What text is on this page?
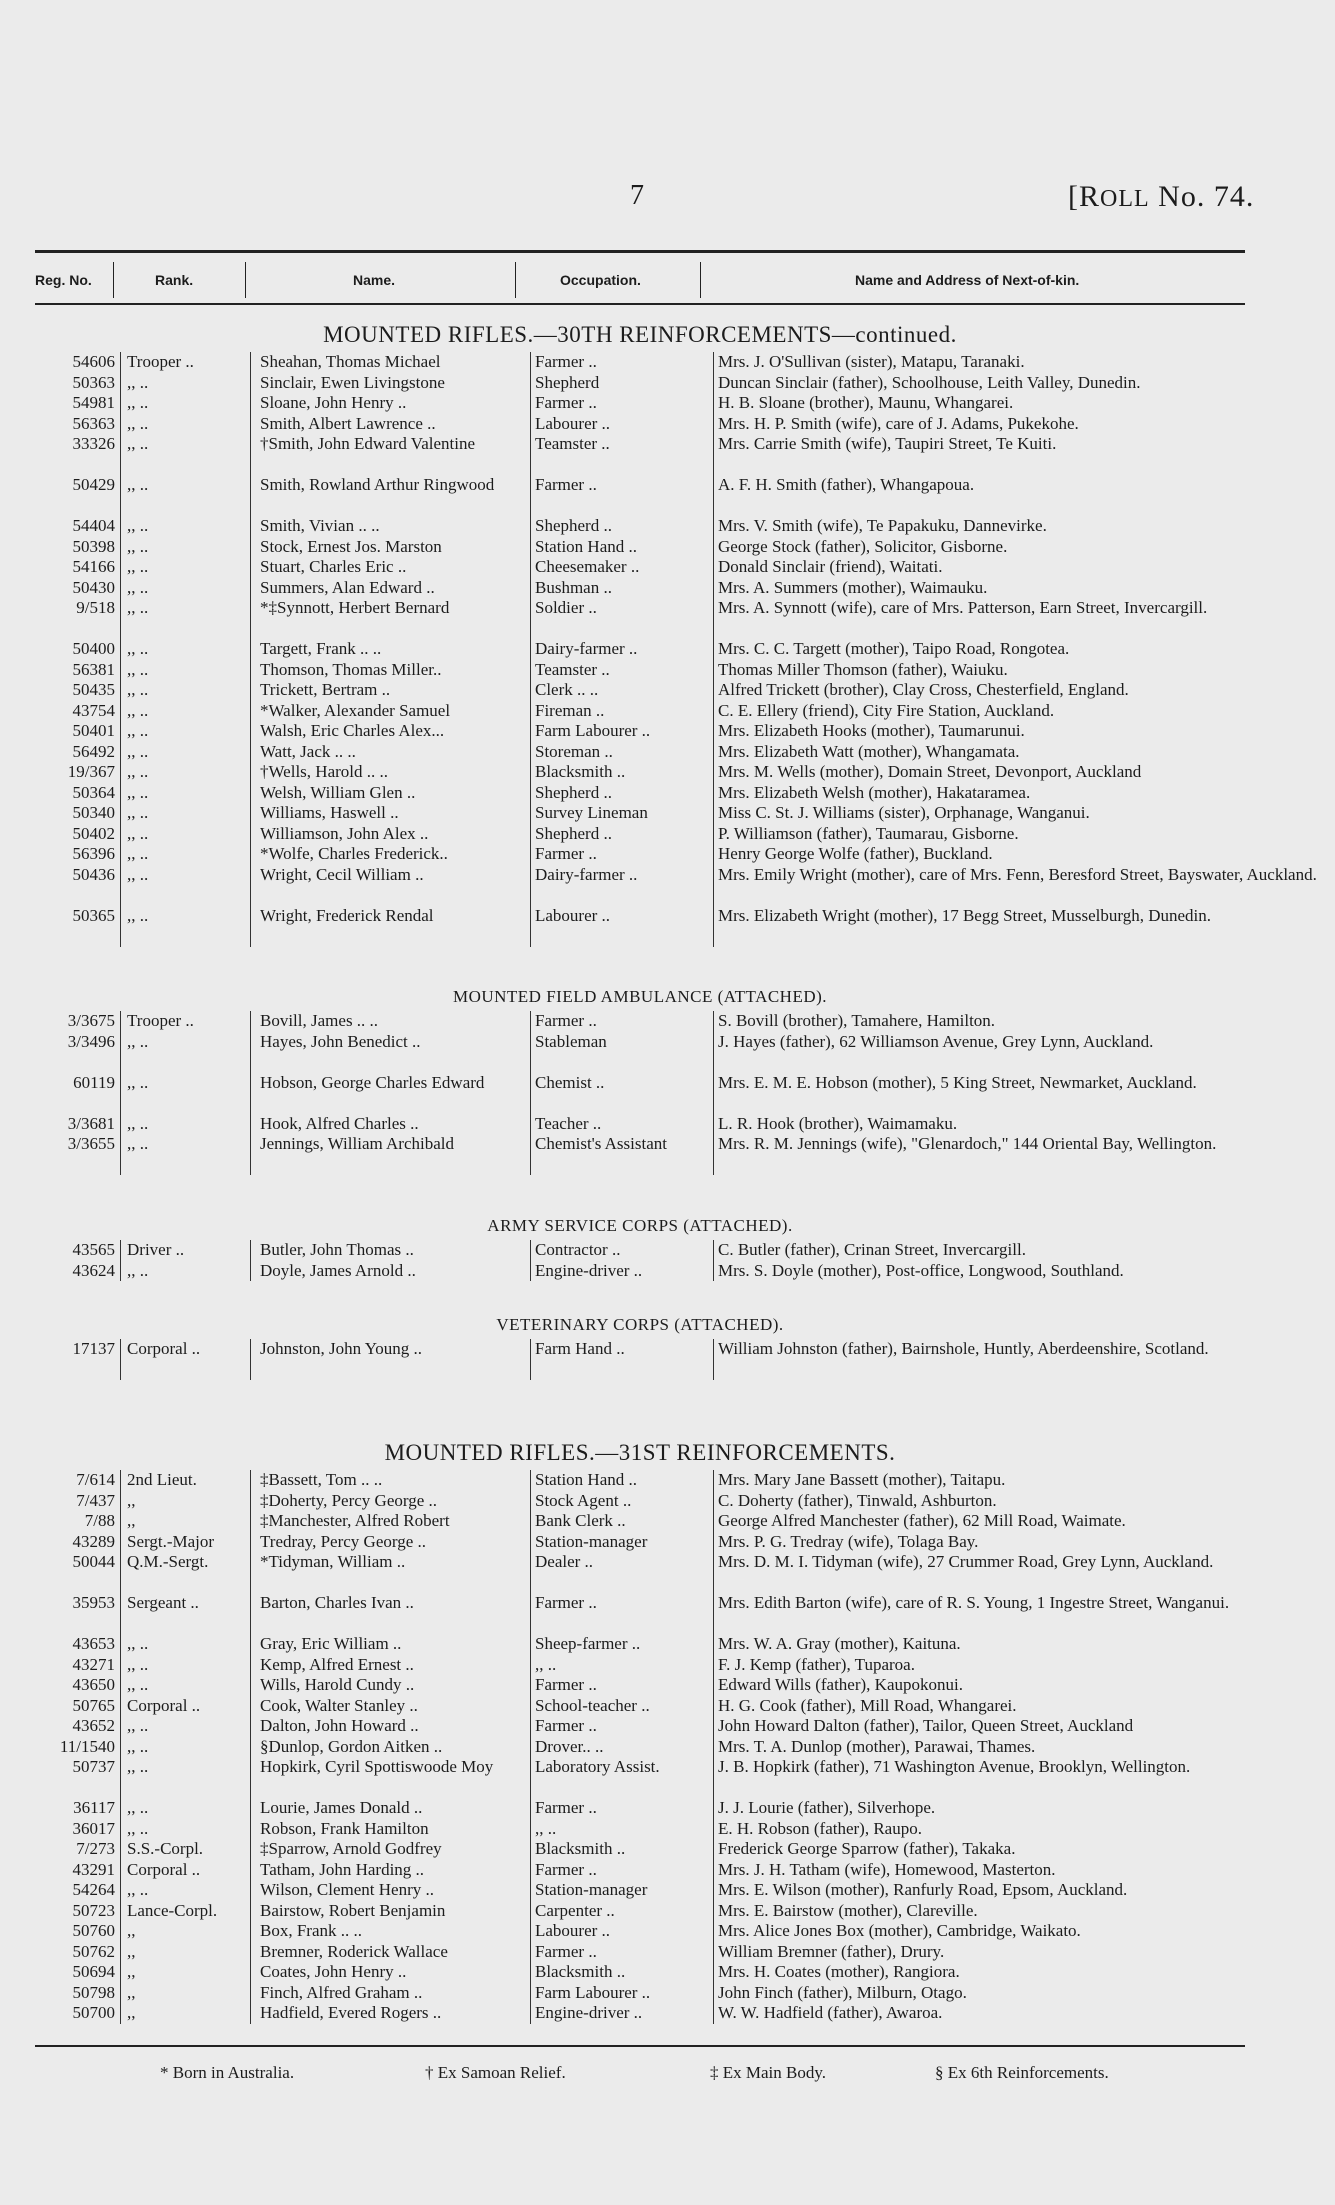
7	[ROLL No. 74.
Reg. No.	Rank.	Name.	Occupation.	Name and Address of Next-of-kin.
MOUNTED RIFLES.—30TH REINFORCEMENTS—continued.
54606 Trooper ..	Sheahan, Thomas Michael	Farmer ..	Mrs. J. O'Sullivan (sister), Matapu, Taranaki.
50363 ,, ..	Sinclair, Ewen Livingstone	Shepherd	Duncan Sinclair (father), Schoolhouse, Leith Valley, Dunedin.
54981 ,, ..	Sloane, John Henry ..	Farmer ..	H. B. Sloane (brother), Maunu, Whangarei.
56363 ,, ..	Smith, Albert Lawrence ..	Labourer ..	Mrs. H. P. Smith (wife), care of J. Adams, Pukekohe.
33326 ,, ..	†Smith, John Edward Valentine	Teamster ..	Mrs. Carrie Smith (wife), Taupiri Street, Te Kuiti.
50429 ,, ..	Smith, Rowland Arthur Ringwood	Farmer ..	A. F. H. Smith (father), Whangapoua.
54404 ,, ..	Smith, Vivian .. ..	Shepherd ..	Mrs. V. Smith (wife), Te Papakuku, Dannevirke.
50398 ,, ..	Stock, Ernest Jos. Marston	Station Hand ..	George Stock (father), Solicitor, Gisborne.
54166 ,, ..	Stuart, Charles Eric ..	Cheesemaker ..	Donald Sinclair (friend), Waitati.
50430 ,, ..	Summers, Alan Edward ..	Bushman ..	Mrs. A. Summers (mother), Waimauku.
9/518 ,, ..	*‡Synnott, Herbert Bernard	Soldier ..	Mrs. A. Synnott (wife), care of Mrs. Patterson, Earn Street, Invercargill.
50400 ,, ..	Targett, Frank .. ..	Dairy-farmer ..	Mrs. C. C. Targett (mother), Taipo Road, Rongotea.
56381 ,, ..	Thomson, Thomas Miller..	Teamster ..	Thomas Miller Thomson (father), Waiuku.
50435 ,, ..	Trickett, Bertram ..	Clerk .. ..	Alfred Trickett (brother), Clay Cross, Chesterfield, England.
43754 ,, ..	*Walker, Alexander Samuel	Fireman ..	C. E. Ellery (friend), City Fire Station, Auckland.
50401 ,, ..	Walsh, Eric Charles Alex...	Farm Labourer ..	Mrs. Elizabeth Hooks (mother), Taumarunui.
56492 ,, ..	Watt, Jack .. ..	Storeman ..	Mrs. Elizabeth Watt (mother), Whangamata.
19/367 ,, ..	†Wells, Harold .. ..	Blacksmith ..	Mrs. M. Wells (mother), Domain Street, Devonport, Auckland
50364 ,, ..	Welsh, William Glen ..	Shepherd ..	Mrs. Elizabeth Welsh (mother), Hakataramea.
50340 ,, ..	Williams, Haswell ..	Survey Lineman	Miss C. St. J. Williams (sister), Orphanage, Wanganui.
50402 ,, ..	Williamson, John Alex ..	Shepherd ..	P. Williamson (father), Taumarau, Gisborne.
56396 ,, ..	*Wolfe, Charles Frederick..	Farmer ..	Henry George Wolfe (father), Buckland.
50436 ,, ..	Wright, Cecil William ..	Dairy-farmer ..	Mrs. Emily Wright (mother), care of Mrs. Fenn, Beresford Street, Bayswater, Auckland.
50365 ,, ..	Wright, Frederick Rendal	Labourer ..	Mrs. Elizabeth Wright (mother), 17 Begg Street, Musselburgh, Dunedin.
MOUNTED FIELD AMBULANCE (ATTACHED).
3/3675 Trooper ..	Bovill, James .. ..	Farmer ..	S. Bovill (brother), Tamahere, Hamilton.
3/3496 ,, ..	Hayes, John Benedict ..	Stableman	J. Hayes (father), 62 Williamson Avenue, Grey Lynn, Auckland.
60119 ,, ..	Hobson, George Charles Edward	Chemist ..	Mrs. E. M. E. Hobson (mother), 5 King Street, Newmarket, Auckland.
3/3681 ,, ..	Hook, Alfred Charles ..	Teacher ..	L. R. Hook (brother), Waimamaku.
3/3655 ,, ..	Jennings, William Archibald	Chemist's Assistant	Mrs. R. M. Jennings (wife), "Glenardoch," 144 Oriental Bay, Wellington.
ARMY SERVICE CORPS (ATTACHED).
43565 Driver ..	Butler, John Thomas ..	Contractor ..	C. Butler (father), Crinan Street, Invercargill.
43624 ,, ..	Doyle, James Arnold ..	Engine-driver ..	Mrs. S. Doyle (mother), Post-office, Longwood, Southland.
VETERINARY CORPS (ATTACHED).
17137 Corporal ..	Johnston, John Young ..	Farm Hand ..	William Johnston (father), Bairnshole, Huntly, Aberdeenshire, Scotland.
MOUNTED RIFLES.—31ST REINFORCEMENTS.
7/614 2nd Lieut.	‡Bassett, Tom .. ..	Station Hand ..	Mrs. Mary Jane Bassett (mother), Taitapu.
7/437 ,,	‡Doherty, Percy George ..	Stock Agent ..	C. Doherty (father), Tinwald, Ashburton.
7/88 ,,	‡Manchester, Alfred Robert	Bank Clerk ..	George Alfred Manchester (father), 62 Mill Road, Waimate.
43289 Sergt.-Major	Tredray, Percy George ..	Station-manager	Mrs. P. G. Tredray (wife), Tolaga Bay.
50044 Q.M.-Sergt.	*Tidyman, William ..	Dealer ..	Mrs. D. M. I. Tidyman (wife), 27 Crummer Road, Grey Lynn, Auckland.
35953 Sergeant ..	Barton, Charles Ivan ..	Farmer ..	Mrs. Edith Barton (wife), care of R. S. Young, 1 Ingestre Street, Wanganui.
43653 ,, ..	Gray, Eric William ..	Sheep-farmer ..	Mrs. W. A. Gray (mother), Kaituna.
43271 ,, ..	Kemp, Alfred Ernest ..	,, ..	F. J. Kemp (father), Tuparoa.
43650 ,, ..	Wills, Harold Cundy ..	Farmer ..	Edward Wills (father), Kaupokonui.
50765 Corporal ..	Cook, Walter Stanley ..	School-teacher ..	H. G. Cook (father), Mill Road, Whangarei.
43652 ,, ..	Dalton, John Howard ..	Farmer ..	John Howard Dalton (father), Tailor, Queen Street, Auckland
11/1540 ,, ..	§Dunlop, Gordon Aitken ..	Drover.. ..	Mrs. T. A. Dunlop (mother), Parawai, Thames.
50737 ,, ..	Hopkirk, Cyril Spottiswoode Moy	Laboratory Assist.	J. B. Hopkirk (father), 71 Washington Avenue, Brooklyn, Wellington.
36117 ,, ..	Lourie, James Donald ..	Farmer ..	J. J. Lourie (father), Silverhope.
36017 ,, ..	Robson, Frank Hamilton	,, ..	E. H. Robson (father), Raupo.
7/273 S.S.-Corpl.	‡Sparrow, Arnold Godfrey	Blacksmith ..	Frederick George Sparrow (father), Takaka.
43291 Corporal ..	Tatham, John Harding ..	Farmer ..	Mrs. J. H. Tatham (wife), Homewood, Masterton.
54264 ,, ..	Wilson, Clement Henry ..	Station-manager	Mrs. E. Wilson (mother), Ranfurly Road, Epsom, Auckland.
50723 Lance-Corpl.	Bairstow, Robert Benjamin	Carpenter ..	Mrs. E. Bairstow (mother), Clareville.
50760 ,,	Box, Frank .. ..	Labourer ..	Mrs. Alice Jones Box (mother), Cambridge, Waikato.
50762 ,,	Bremner, Roderick Wallace	Farmer ..	William Bremner (father), Drury.
50694 ,,	Coates, John Henry ..	Blacksmith ..	Mrs. H. Coates (mother), Rangiora.
50798 ,,	Finch, Alfred Graham ..	Farm Labourer ..	John Finch (father), Milburn, Otago.
50700 ,,	Hadfield, Evered Rogers ..	Engine-driver ..	W. W. Hadfield (father), Awaroa.
* Born in Australia.	† Ex Samoan Relief.	‡ Ex Main Body.	§ Ex 6th Reinforcements.
